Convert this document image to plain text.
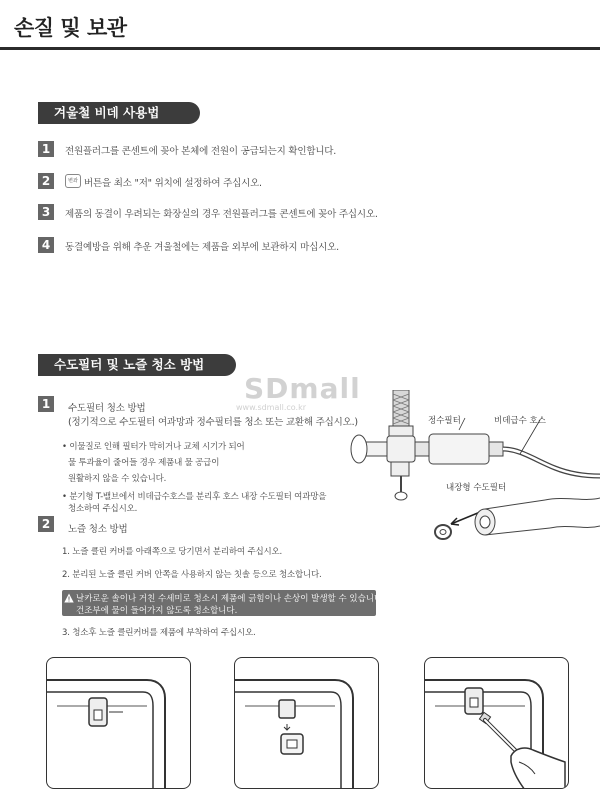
손질 및 보관
겨울철 비데 사용법
1	전원플러그를 콘센트에 꽂아 본체에 전원이 공급되는지 확인합니다.
2	변좌 버튼을 최소 "저" 위치에 설정하여 주십시오.
3	제품의 동결이 우려되는 화장실의 경우 전원플러그를 콘센트에 꽂아 주십시오.
4	동결예방을 위해 추운 겨울철에는 제품을 외부에 보관하지 마십시오.
수도필터 및 노즐 청소 방법
SDmall
www.sdmall.co.kr
1	수도필터 청소 방법
(정기적으로 수도필터 여과망과 정수필터를 청소 또는 교환해 주십시오.)
• 이물질로 인해 필터가 막히거나 교체 시기가 되어
물 투과율이 줄어들 경우 제품내 물 공급이
원활하지 않을 수 있습니다.
• 분기형 T-밸브에서 비데급수호스를 분리후 호스 내장 수도필터 여과망을
청소하여 주십시오.
정수필터	비데급수 호스
내장형 수도필터
2	노즐 청소 방법
1. 노즐 클린 커버를 아래쪽으로 당기면서 분리하여 주십시오.
2. 분리된 노즐 클린 커버 안쪽을 사용하지 않는 칫솔 등으로 청소합니다.
날카로운 솔이나 거친 수세미로 청소시 제품에 긁힘이나 손상이 발생할 수 있습니다.
건조부에 물이 들어가지 않도록 청소합니다.
3. 청소후 노즐 클린커버를 제품에 부착하여 주십시오.
